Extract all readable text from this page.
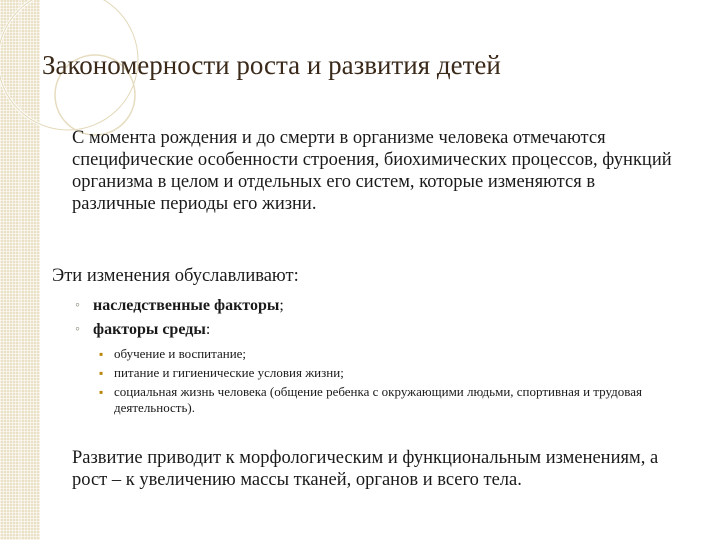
Закономерности роста и развития детей

С момента рождения и до смерти в организме человека отмечаются специфические особенности строения, биохимических процессов, функций организма в целом и отдельных его систем, которые изменяются в различные периоды его жизни.

Эти изменения обуславливают:

◦ наследственные факторы;
◦ факторы среды:
▪ обучение и воспитание;
▪ питание и гигиенические условия жизни;
▪ социальная жизнь человека (общение ребенка с окружающими людьми, спортивная и трудовая деятельность).

Развитие приводит к морфологическим и функциональным изменениям, а рост – к увеличению массы тканей, органов и всего тела.
